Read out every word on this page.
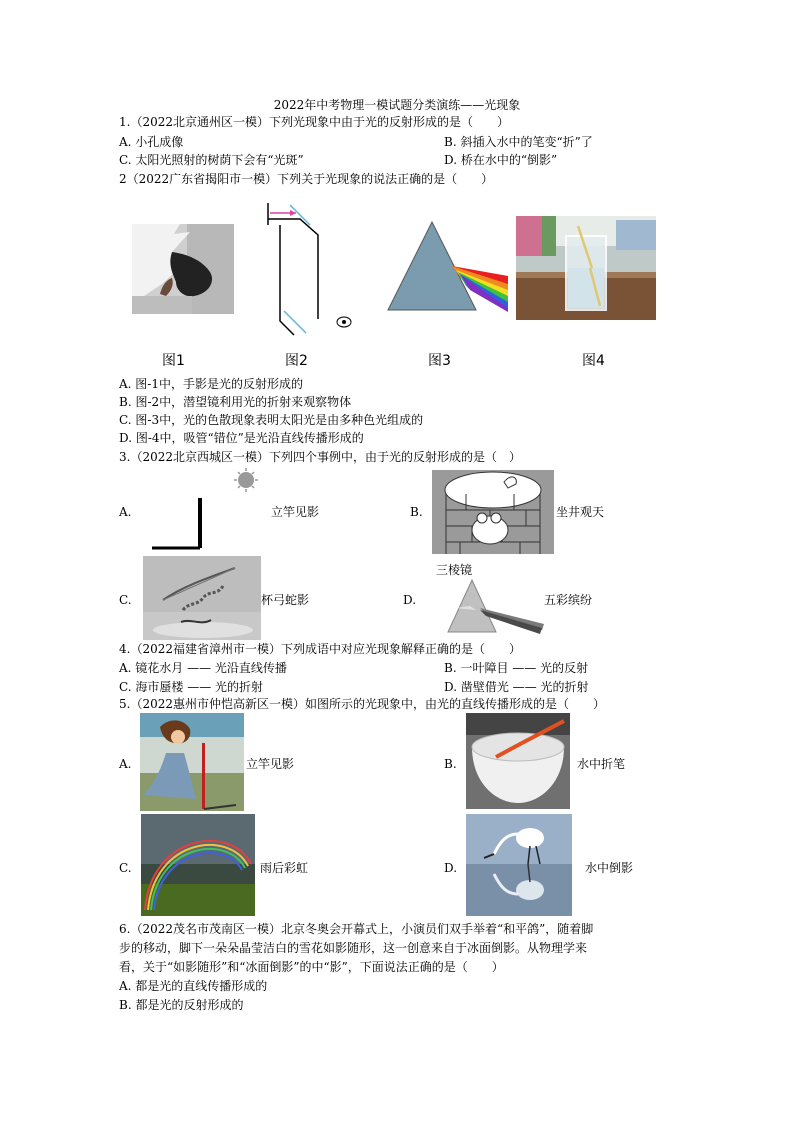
2022年中考物理一模试题分类演练——光现象
1.（2022北京通州区一模）下列光现象中由于光的反射形成的是（　　）
A. 小孔成像	B. 斜插入水中的笔变“折”了
C. 太阳光照射的树荫下会有“光斑”	D. 桥在水中的“倒影”
2（2022广东省揭阳市一模）下列关于光现象的说法正确的是（　　）
图1	图2	图3	图4
A. 图-1中，手影是光的反射形成的
B. 图-2中，潜望镜利用光的折射来观察物体
C. 图-3中，光的色散现象表明太阳光是由多种色光组成的
D. 图-4中，吸管“错位”是光沿直线传播形成的
3.（2022北京西城区一模）下列四个事例中，由于光的反射形成的是（　）
A.	立竿见影	B.	坐井观天
C.	杯弓蛇影	D.
三棱镜
五彩缤纷
4.（2022福建省漳州市一模）下列成语中对应光现象解释正确的是（　　）
A. 镜花水月 —— 光沿直线传播	B. 一叶障目 —— 光的反射
C. 海市蜃楼 —— 光的折射	D. 凿壁借光 —— 光的折射
5.（2022惠州市仲恺高新区一模）如图所示的光现象中，由光的直线传播形成的是（　　）
A.	立竿见影	B.	水中折笔
C.	雨后彩虹	D.	水中倒影
6.（2022茂名市茂南区一模）北京冬奥会开幕式上，小演员们双手举着“和平鸽”，随着脚
步的移动，脚下一朵朵晶莹洁白的雪花如影随形，这一创意来自于冰面倒影。从物理学来
看，关于“如影随形”和“冰面倒影”的中“影”，下面说法正确的是（　　）
A. 都是光的直线传播形成的
B. 都是光的反射形成的
